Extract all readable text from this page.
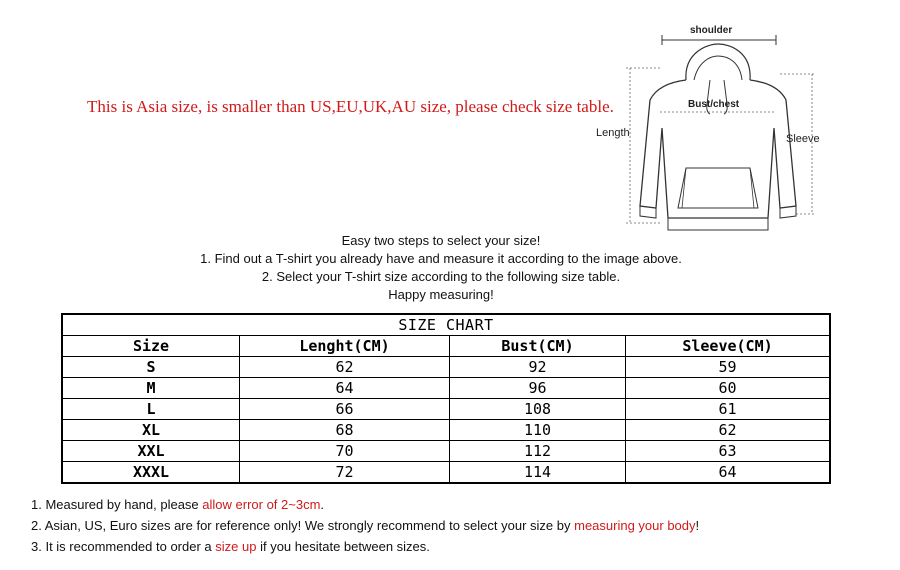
This is Asia size, is smaller than US,EU,UK,AU size, please check size table.
shoulder
Bust/chest
Length	Sleeve
Easy two steps to select your size!
1. Find out a T-shirt you already have and measure it according to the image above.
2. Select your T-shirt size according to the following size table.
Happy measuring!
SIZE CHART			
Size	Lenght(CM)	Bust(CM)	Sleeve(CM)
S	62	92	59
M	64	96	60
L	66	108	61
XL	68	110	62
XXL	70	112	63
XXXL	72	114	64
1. Measured by hand, please allow error of 2~3cm.
2. Asian, US, Euro sizes are for reference only! We strongly recommend to select your size by measuring your body!
3. It is recommended to order a size up if you hesitate between sizes.
